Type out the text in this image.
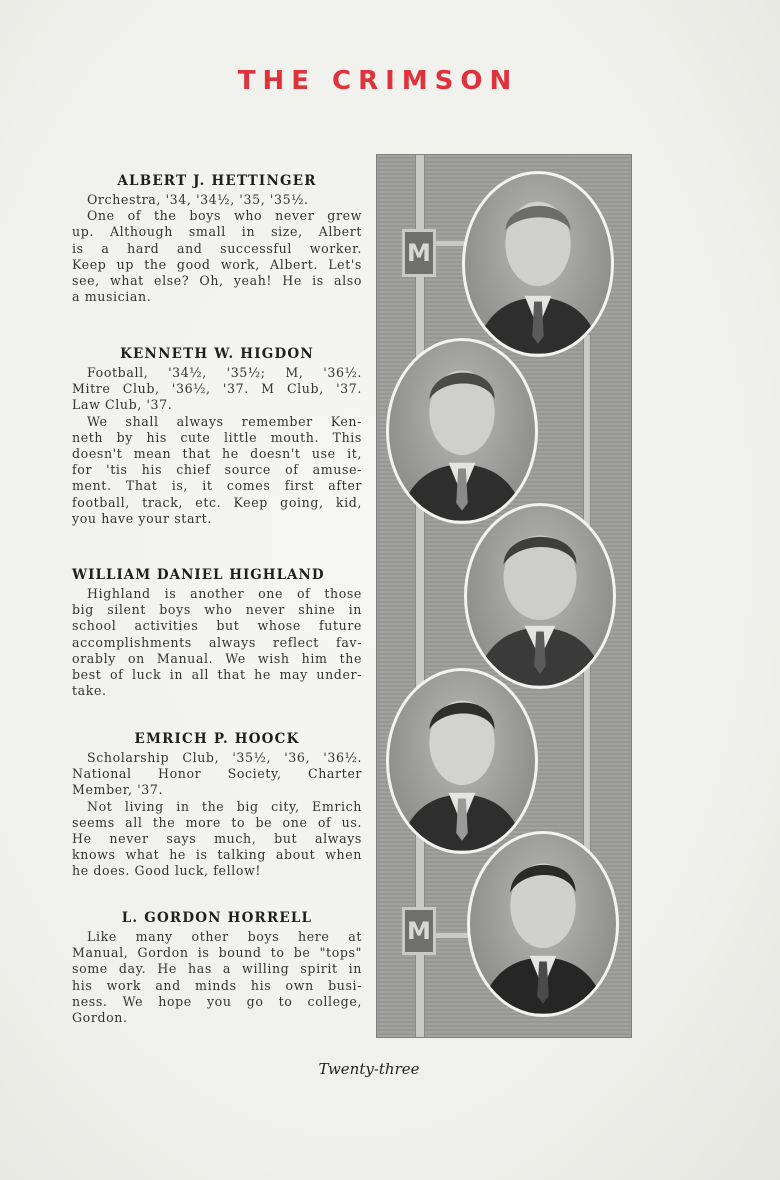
THE CRIMSON
ALBERT J. HETTINGER
Orchestra, '34, '34½, '35, '35½.
One of the boys who never grew
up. Although small in size, Albert
is a hard and successful worker.
Keep up the good work, Albert. Let's
see, what else? Oh, yeah! He is also
a musician.
KENNETH W. HIGDON
Football, '34½, '35½; M, '36½.
Mitre Club, '36½, '37. M Club, '37.
Law Club, '37.
We shall always remember Ken-
neth by his cute little mouth. This
doesn't mean that he doesn't use it,
for 'tis his chief source of amuse-
ment. That is, it comes first after
football, track, etc. Keep going, kid,
you have your start.
WILLIAM DANIEL HIGHLAND
Highland is another one of those
big silent boys who never shine in
school activities but whose future
accomplishments always reflect fav-
orably on Manual. We wish him the
best of luck in all that he may under-
take.
EMRICH P. HOOCK
Scholarship Club, '35½, '36, '36½.
National Honor Society, Charter
Member, '37.
Not living in the big city, Emrich
seems all the more to be one of us.
He never says much, but always
knows what he is talking about when
he does. Good luck, fellow!
L. GORDON HORRELL
Like many other boys here at
Manual, Gordon is bound to be "tops"
some day. He has a willing spirit in
his work and minds his own busi-
ness. We hope you go to college,
Gordon.
M
M
Twenty-three
